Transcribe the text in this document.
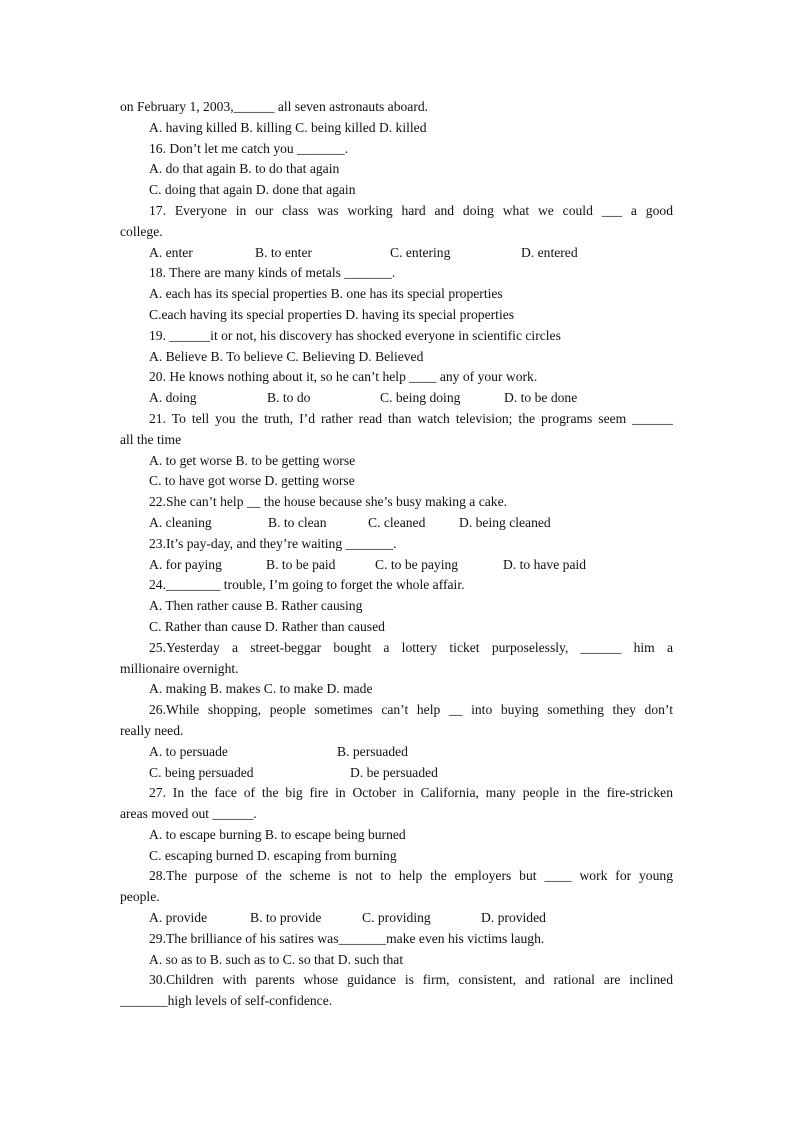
on February 1, 2003,______ all seven astronauts aboard.
A. having killed B. killing C. being killed D. killed
16. Don’t let me catch you _______.
A. do that again B. to do that again
C. doing that again D. done that again
17. Everyone in our class was working hard and doing what we could ___ a good
college.
A. enter	B. to enter	C. entering	D. entered
18. There are many kinds of metals _______.
A. each has its special properties B. one has its special properties
C.each having its special properties D. having its special properties
19. ______it or not, his discovery has shocked everyone in scientific circles
A. Believe B. To believe C. Believing D. Believed
20. He knows nothing about it, so he can’t help ____ any of your work.
A. doing	B. to do	C. being doing	D. to be done
21. To tell you the truth, I’d rather read than watch television; the programs seem ______
all the time
A. to get worse B. to be getting worse
C. to have got worse D. getting worse
22.She can’t help __ the house because she’s busy making a cake.
A. cleaning	B. to clean	C. cleaned D. being cleaned
23.It’s pay-day, and they’re waiting _______.
A. for paying	B. to be paid	C. to be paying	D. to have paid
24.________ trouble, I’m going to forget the whole affair.
A. Then rather cause B. Rather causing
C. Rather than cause D. Rather than caused
25.Yesterday a street-beggar bought a lottery ticket purposelessly, ______ him a
millionaire overnight.
A. making B. makes C. to make D. made
26.While shopping, people sometimes can’t help __ into buying something they don’t
really need.
A. to persuade	B. persuaded
C. being persuaded	D. be persuaded
27. In the face of the big fire in October in California, many people in the fire-stricken
areas moved out ______.
A. to escape burning B. to escape being burned
C. escaping burned D. escaping from burning
28.The purpose of the scheme is not to help the employers but ____ work for young
people.
A. provide	B. to provide	C. providing	D. provided
29.The brilliance of his satires was_______make even his victims laugh.
A. so as to B. such as to C. so that D. such that
30.Children with parents whose guidance is firm, consistent, and rational are inclined
_______high levels of self-confidence.
